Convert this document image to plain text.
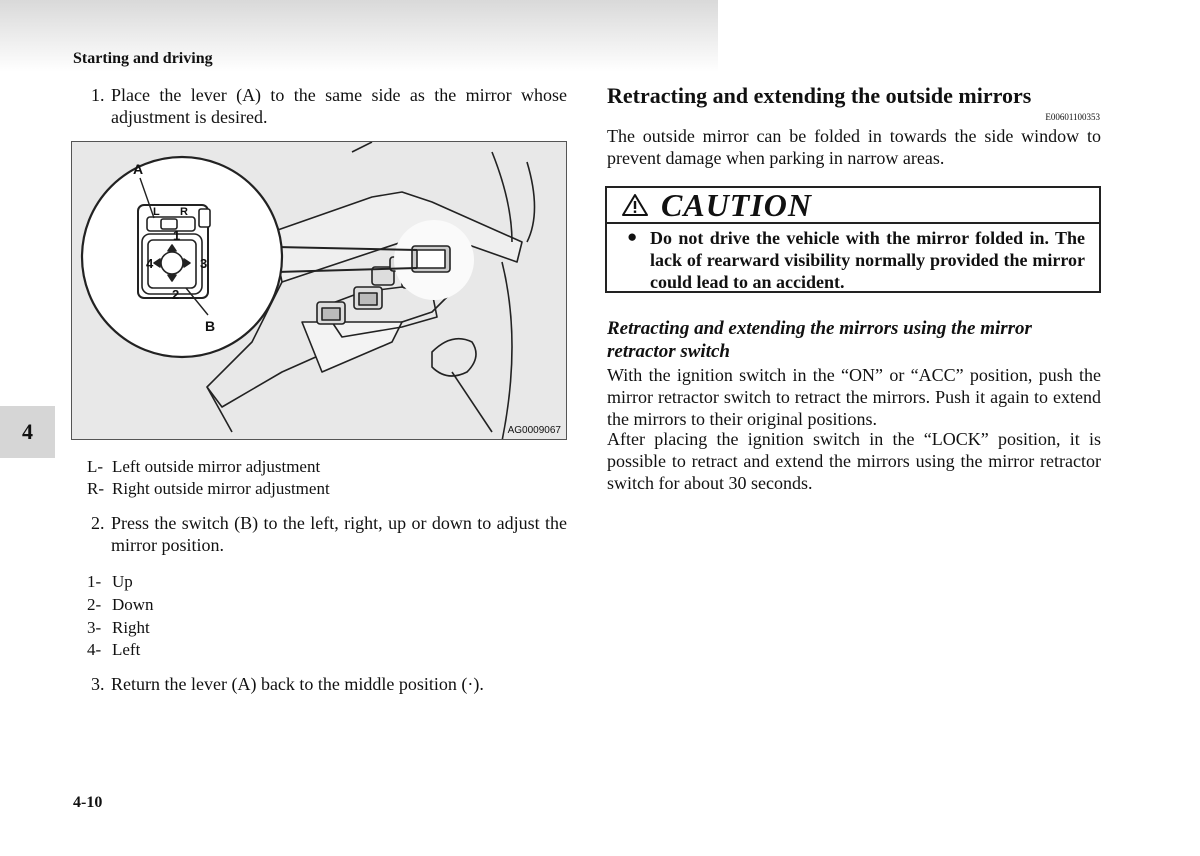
Starting and driving
4
1. Place the lever (A) to the same side as the mirror whose adjustment is desired.
A
L R
1
2
3
4
B
AG0009067
L- Left outside mirror adjustment
R- Right outside mirror adjustment
2. Press the switch (B) to the left, right, up or down to adjust the mirror position.
1- Up
2- Down
3- Right
4- Left
3. Return the lever (A) back to the middle position (·).
4-10
Retracting and extending the outside mirrors
E00601100353
The outside mirror can be folded in towards the side window to prevent damage when parking in narrow areas.
CAUTION
● Do not drive the vehicle with the mirror folded in. The lack of rearward visibility normally provided the mirror could lead to an accident.
Retracting and extending the mirrors using the mirror retractor switch
With the ignition switch in the “ON” or “ACC” position, push the mirror retractor switch to retract the mirrors. Push it again to extend the mirrors to their original positions.
After placing the ignition switch in the “LOCK” position, it is possible to retract and extend the mirrors using the mirror retractor switch for about 30 seconds.
